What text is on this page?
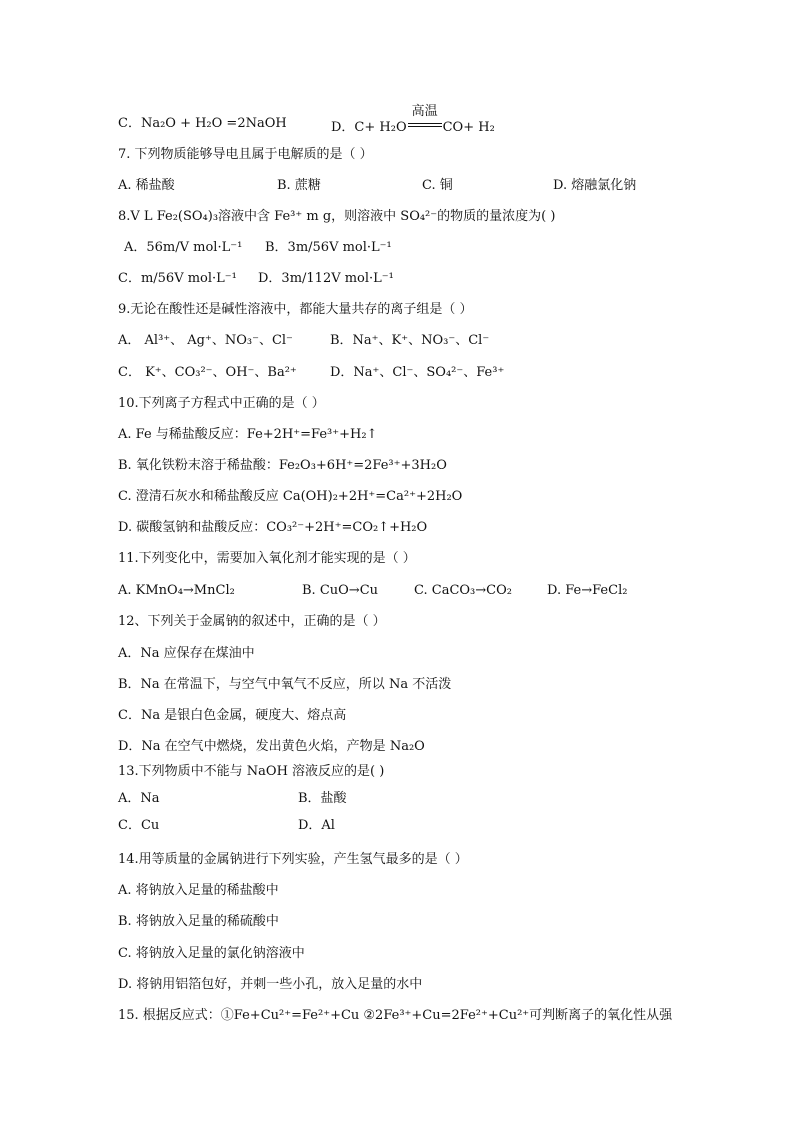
C．Na₂O + H₂O =2NaOH	D．C+ H₂O
高温
CO+ H₂
7. 下列物质能够导电且属于电解质的是（ ）
A. 稀盐酸	B. 蔗糖	C. 铜	D. 熔融氯化钠
8.V L Fe₂(SO₄)₃溶液中含 Fe³⁺ m g，则溶液中 SO₄²⁻的物质的量浓度为( )
A．56m/V mol·L⁻¹ B．3m/56V mol·L⁻¹
C．m/56V mol·L⁻¹ D．3m/112V mol·L⁻¹
9.无论在酸性还是碱性溶液中，都能大量共存的离子组是（ ）
A． Al³⁺、 Ag⁺、NO₃⁻、Cl⁻	B．Na⁺、K⁺、NO₃⁻、Cl⁻
C． K⁺、CO₃²⁻、OH⁻、Ba²⁺	D．Na⁺、Cl⁻、SO₄²⁻、Fe³⁺
10.下列离子方程式中正确的是（ ）
A. Fe 与稀盐酸反应：Fe+2H⁺=Fe³⁺+H₂↑
B. 氧化铁粉末溶于稀盐酸：Fe₂O₃+6H⁺=2Fe³⁺+3H₂O
C. 澄清石灰水和稀盐酸反应 Ca(OH)₂+2H⁺=Ca²⁺+2H₂O
D. 碳酸氢钠和盐酸反应：CO₃²⁻+2H⁺=CO₂↑+H₂O
11.下列变化中，需要加入氧化剂才能实现的是（ ）
A. KMnO₄→MnCl₂	B. CuO→Cu	C. CaCO₃→CO₂	D. Fe→FeCl₂
12、下列关于金属钠的叙述中，正确的是（ ）
A．Na 应保存在煤油中
B．Na 在常温下，与空气中氧气不反应，所以 Na 不活泼
C．Na 是银白色金属，硬度大、熔点高
D．Na 在空气中燃烧，发出黄色火焰，产物是 Na₂O
13.下列物质中不能与 NaOH 溶液反应的是( )
A．Na	B．盐酸
C．Cu	D．Al
14.用等质量的金属钠进行下列实验，产生氢气最多的是（ ）
A. 将钠放入足量的稀盐酸中
B. 将钠放入足量的稀硫酸中
C. 将钠放入足量的氯化钠溶液中
D. 将钠用铝箔包好，并刺一些小孔，放入足量的水中
15. 根据反应式：①Fe+Cu²⁺=Fe²⁺+Cu ②2Fe³⁺+Cu=2Fe²⁺+Cu²⁺可判断离子的氧化性从强
